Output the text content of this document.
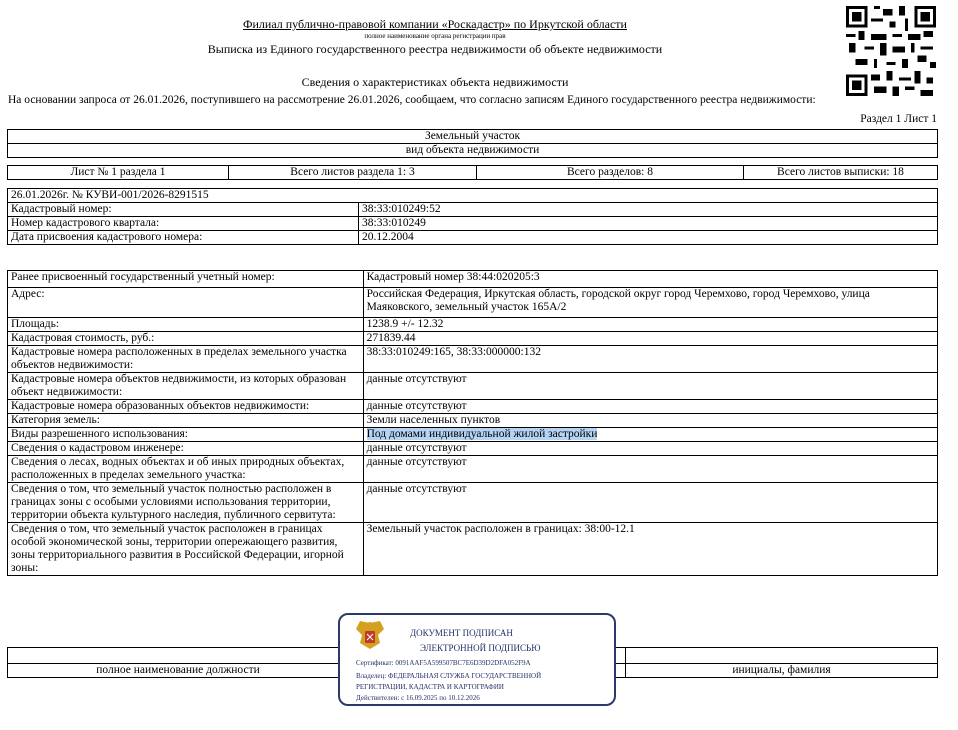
Филиал публично-правовой компании «Роскадастр» по Иркутской области
полное наименование органа регистрации прав
Выписка из Единого государственного реестра недвижимости об объекте недвижимости
Сведения о характеристиках объекта недвижимости
На основании запроса от 26.01.2026, поступившего на рассмотрение 26.01.2026, сообщаем, что согласно записям Единого государственного реестра недвижимости:
Раздел 1 Лист 1
Земельный участок
вид объекта недвижимости
Лист № 1 раздела 1	Всего листов раздела 1: 3	Всего разделов: 8	Всего листов выписки: 18
26.01.2026г. № КУВИ-001/2026-8291515	
Кадастровый номер:	38:33:010249:52
Номер кадастрового квартала:	38:33:010249
Дата присвоения кадастрового номера:	20.12.2004
Ранее присвоенный государственный учетный номер:	Кадастровый номер 38:44:020205:3
Адрес:	Российская Федерация, Иркутская область, городской округ город Черемхово, город Черемхово, улица Маяковского, земельный участок 165А/2
Площадь:	1238.9 +/- 12.32
Кадастровая стоимость, руб.:	271839.44
Кадастровые номера расположенных в пределах земельного участка объектов недвижимости:	38:33:010249:165, 38:33:000000:132
Кадастровые номера объектов недвижимости, из которых образован объект недвижимости:	данные отсутствуют
Кадастровые номера образованных объектов недвижимости:	данные отсутствуют
Категория земель:	Земли населенных пунктов
Виды разрешенного использования:	Под домами индивидуальной жилой застройки
Сведения о кадастровом инженере:	данные отсутствуют
Сведения о лесах, водных объектах и об иных природных объектах, расположенных в пределах земельного участка:	данные отсутствуют
Сведения о том, что земельный участок полностью расположен в границах зоны с особыми условиями использования территории, территории объекта культурного наследия, публичного сервитута:	данные отсутствуют
Сведения о том, что земельный участок расположен в границах особой экономической зоны, территории опережающего развития, зоны территориального развития в Российской Федерации, игорной зоны:	Земельный участок расположен в границах: 38:00-12.1

полное наименование должности		инициалы, фамилия
ДОКУМЕНТ ПОДПИСАН
ЭЛЕКТРОННОЙ ПОДПИСЬЮ
Сертификат: 0091AAF5A599507BC7E6D39D2DFA052F9A
Владелец: ФЕДЕРАЛЬНАЯ СЛУЖБА ГОСУДАРСТВЕННОЙ
РЕГИСТРАЦИИ, КАДАСТРА И КАРТОГРАФИИ
Действителен: с 16.09.2025 по 10.12.2026
